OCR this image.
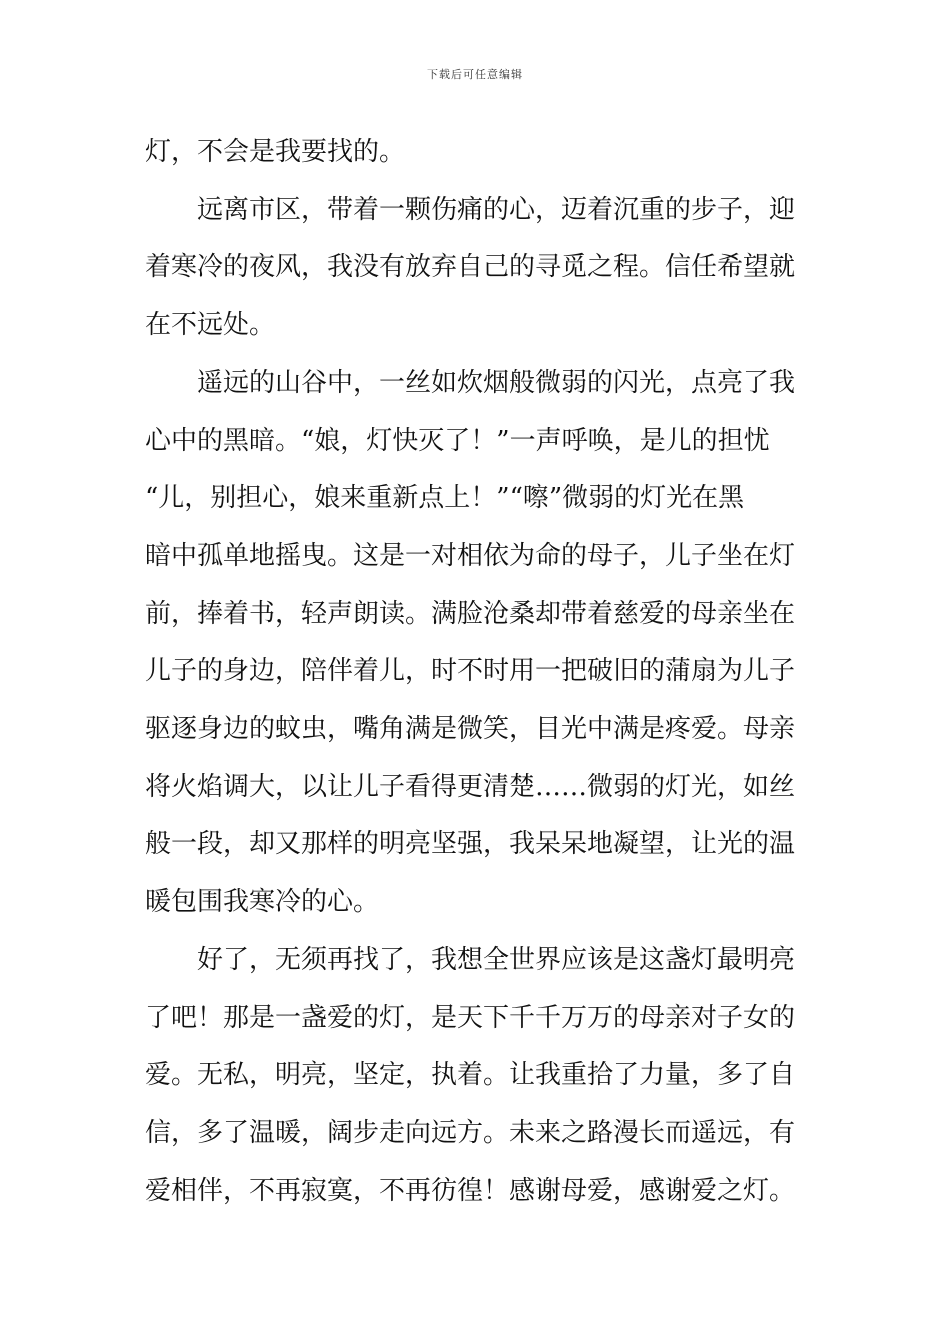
下载后可任意编辑

灯，不会是我要找的。

远离市区，带着一颗伤痛的心，迈着沉重的步子，迎
着寒冷的夜风，我没有放弃自己的寻觅之程。信任希望就
在不远处。

遥远的山谷中，一丝如炊烟般微弱的闪光，点亮了我
心中的黑暗。“娘，灯快灭了！”一声呼唤，是儿的担忧
“儿，别担心，娘来重新点上！”“嚓”微弱的灯光在黑
暗中孤单地摇曳。这是一对相依为命的母子，儿子坐在灯
前，捧着书，轻声朗读。满脸沧桑却带着慈爱的母亲坐在
儿子的身边，陪伴着儿，时不时用一把破旧的蒲扇为儿子
驱逐身边的蚊虫，嘴角满是微笑，目光中满是疼爱。母亲
将火焰调大，以让儿子看得更清楚……微弱的灯光，如丝
般一段，却又那样的明亮坚强，我呆呆地凝望，让光的温
暖包围我寒冷的心。

好了，无须再找了，我想全世界应该是这盏灯最明亮
了吧！那是一盏爱的灯，是天下千千万万的母亲对子女的
爱。无私，明亮，坚定，执着。让我重拾了力量，多了自
信，多了温暖，阔步走向远方。未来之路漫长而遥远，有
爱相伴，不再寂寞，不再彷徨！感谢母爱，感谢爱之灯。
